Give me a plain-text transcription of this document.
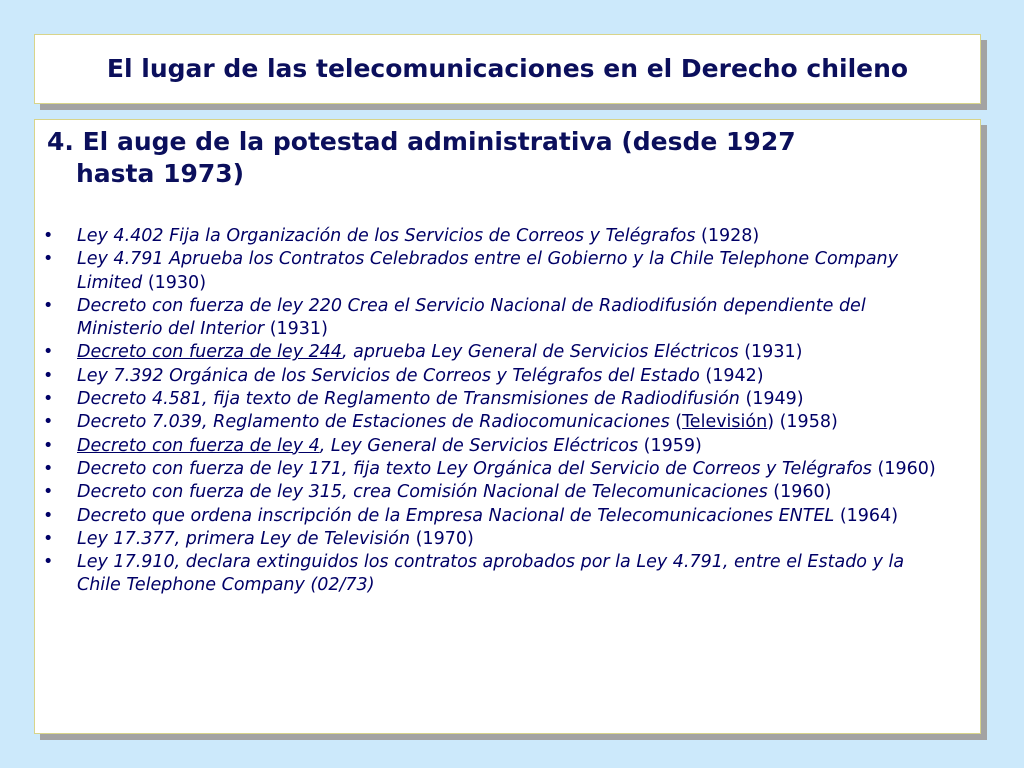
El lugar de las telecomunicaciones en el Derecho chileno
4. El auge de la potestad administrativa (desde 1927
hasta 1973)
• Ley 4.402 Fija la Organización de los Servicios de Correos y Telégrafos (1928)
• Ley 4.791 Aprueba los Contratos Celebrados entre el Gobierno y la Chile Telephone Company Limited (1930)
• Decreto con fuerza de ley 220 Crea el Servicio Nacional de Radiodifusión dependiente del Ministerio del Interior (1931)
• Decreto con fuerza de ley 244, aprueba Ley General de Servicios Eléctricos (1931)
• Ley 7.392 Orgánica de los Servicios de Correos y Telégrafos del Estado (1942)
• Decreto 4.581, fija texto de Reglamento de Transmisiones de Radiodifusión (1949)
• Decreto 7.039, Reglamento de Estaciones de Radiocomunicaciones (Televisión) (1958)
• Decreto con fuerza de ley 4, Ley General de Servicios Eléctricos (1959)
• Decreto con fuerza de ley 171, fija texto Ley Orgánica del Servicio de Correos y Telégrafos (1960)
• Decreto con fuerza de ley 315, crea Comisión Nacional de Telecomunicaciones (1960)
• Decreto que ordena inscripción de la Empresa Nacional de Telecomunicaciones ENTEL (1964)
• Ley 17.377, primera Ley de Televisión (1970)
• Ley 17.910, declara extinguidos los contratos aprobados por la Ley 4.791, entre el Estado y la Chile Telephone Company (02/73)
